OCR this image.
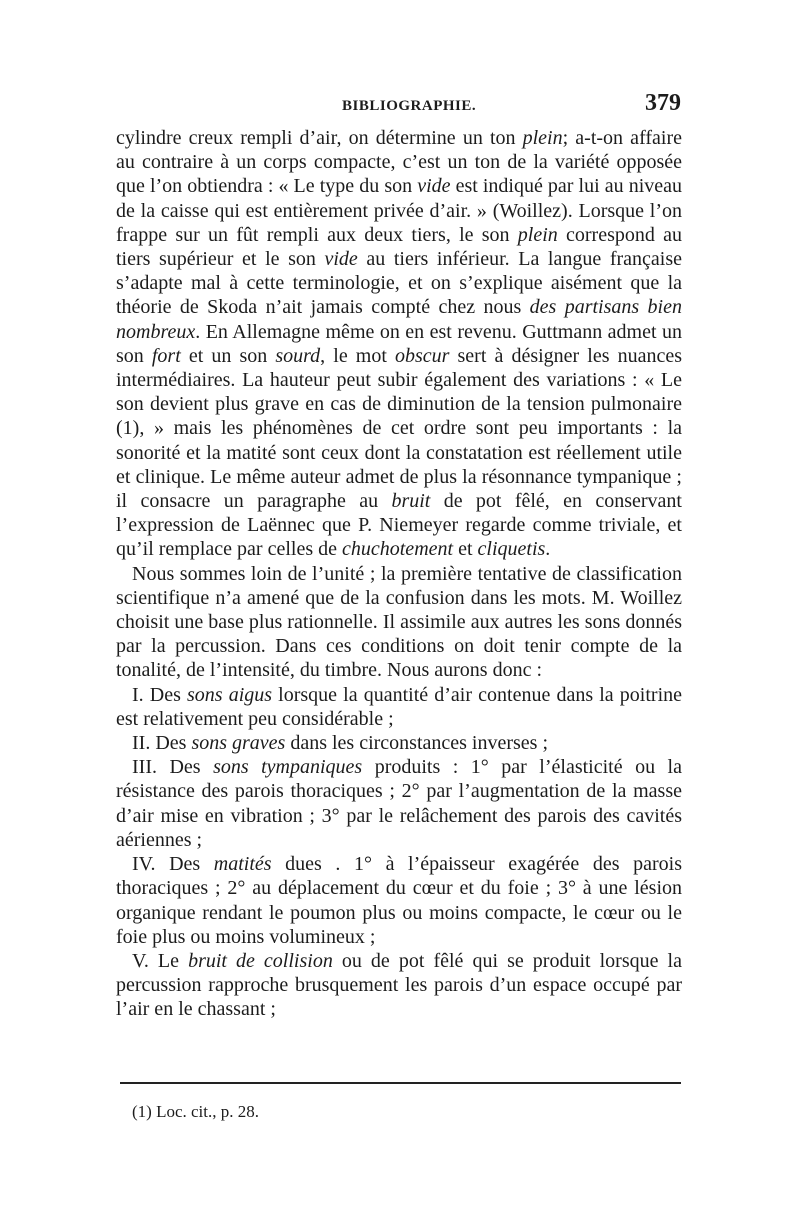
BIBLIOGRAPHIE.	379

cylindre creux rempli d’air, on détermine un ton plein; a-t-on affaire au contraire à un corps compacte, c’est un ton de la variété opposée que l’on obtiendra : « Le type du son vide est indiqué par lui au niveau de la caisse qui est entièrement privée d’air. » (Woillez). Lorsque l’on frappe sur un fût rempli aux deux tiers, le son plein correspond au tiers supérieur et le son vide au tiers inférieur. La langue française s’adapte mal à cette terminologie, et on s’explique aisément que la théorie de Skoda n’ait jamais compté chez nous des partisans bien nombreux. En Allemagne même on en est revenu. Guttmann admet un son fort et un son sourd, le mot obscur sert à désigner les nuances intermédiaires. La hauteur peut subir également des variations : « Le son devient plus grave en cas de diminution de la tension pulmonaire (1), » mais les phénomènes de cet ordre sont peu importants : la sonorité et la matité sont ceux dont la constatation est réellement utile et clinique. Le même auteur admet de plus la résonnance tympanique ; il consacre un paragraphe au bruit de pot fêlé, en conservant l’expression de Laënnec que P. Niemeyer regarde comme triviale, et qu’il remplace par celles de chuchotement et cliquetis.

Nous sommes loin de l’unité ; la première tentative de classification scientifique n’a amené que de la confusion dans les mots. M. Woillez choisit une base plus rationnelle. Il assimile aux autres les sons donnés par la percussion. Dans ces conditions on doit tenir compte de la tonalité, de l’intensité, du timbre. Nous aurons donc :

I. Des sons aigus lorsque la quantité d’air contenue dans la poitrine est relativement peu considérable ;

II. Des sons graves dans les circonstances inverses ;

III. Des sons tympaniques produits : 1° par l’élasticité ou la résistance des parois thoraciques ; 2° par l’augmentation de la masse d’air mise en vibration ; 3° par le relâchement des parois des cavités aériennes ;

IV. Des matités dues . 1° à l’épaisseur exagérée des parois thoraciques ; 2° au déplacement du cœur et du foie ; 3° à une lésion organique rendant le poumon plus ou moins compacte, le cœur ou le foie plus ou moins volumineux ;

V. Le bruit de collision ou de pot fêlé qui se produit lorsque la percussion rapproche brusquement les parois d’un espace occupé par l’air en le chassant ;

(1) Loc. cit., p. 28.
